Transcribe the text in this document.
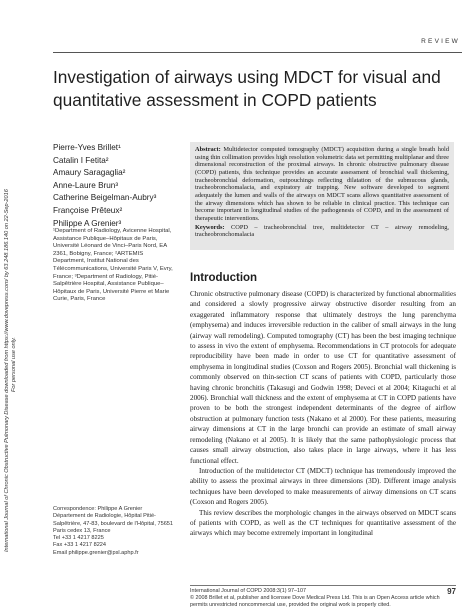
REVIEW
International Journal of Chronic Obstructive Pulmonary Disease downloaded from https://www.dovepress.com/ by 63.248.186.140 on 22-Sep-2016 For personal use only.
Investigation of airways using MDCT for visual and quantitative assessment in COPD patients
Pierre-Yves Brillet¹
Catalin I Fetita²
Amaury Saragaglia²
Anne-Laure Brun³
Catherine Beigelman-Aubry³
Françoise Prêteux²
Philippe A Grenier³
¹Department of Radiology, Avicenne Hospital, Assistance Publique–Hôpitaux de Paris, Université Léonard de Vinci–Paris Nord, EA 2361, Bobigny, France; ²ARTEMIS Department, Institut National des Télécommunications, Université Paris V, Evry, France; ³Department of Radiology, Pitié-Salpêtrière Hospital, Assistance Publique–Hôpitaux de Paris, Université Pierre et Marie Curie, Paris, France
Correspondence: Philippe A Grenier
Département de Radiologie, Hôpital Pitié-Salpêtrière, 47-83, boulevard de l’Hôpital, 75651 Paris cedex 13, France
Tel +33 1 4217 8225
Fax +33 1 4217 8224
Email philippe.grenier@psl.aphp.fr

Abstract: Multidetector computed tomography (MDCT) acquisition during a single breath hold using thin collimation provides high resolution volumetric data set permitting multiplanar and three dimensional reconstruction of the proximal airways. In chronic obstructive pulmonary disease (COPD) patients, this technique provides an accurate assessment of bronchial wall thickening, tracheobronchial deformation, outpouchings reflecting dilatation of the submucous glands, tracheobronchomalacia, and expiratory air trapping. New software developed to segment adequately the lumen and walls of the airways on MDCT scans allows quantitative assessment of the airway dimensions which has shown to be reliable in clinical practice. This technique can become important in longitudinal studies of the pathogenesis of COPD, and in the assessment of therapeutic interventions.

Keywords: COPD – tracheobronchial tree, multidetector CT – airway remodeling, tracheobronchomalacia

Introduction

Chronic obstructive pulmonary disease (COPD) is characterized by functional abnormalities and considered a slowly progressive airway obstructive disorder resulting from an exaggerated inflammatory response that ultimately destroys the lung parenchyma (emphysema) and induces irreversible reduction in the caliber of small airways in the lung (airway wall remodeling). Computed tomography (CT) has been the best imaging technique to assess in vivo the extent of emphysema. Recommendations in CT protocols for adequate reproducibility have been made in order to use CT for quantitative assessment of emphysema in longitudinal studies (Coxson and Rogers 2005). Bronchial wall thickening is commonly observed on thin-section CT scans of patients with COPD, particularly those having chronic bronchitis (Takasugi and Godwin 1998; Deveci et al 2004; Kitaguchi et al 2006). Bronchial wall thickness and the extent of emphysema at CT in COPD patients have proven to be both the strongest independent determinants of the degree of airflow obstruction at pulmonary function tests (Nakano et al 2000). For these patients, measuring airway dimensions at CT in the large bronchi can provide an estimate of small airway remodeling (Nakano et al 2005). It is likely that the same pathophysiologic process that causes small airway obstruction, also takes place in large airways, where it has less functional effect.

Introduction of the multidetector CT (MDCT) technique has tremendously improved the ability to assess the proximal airways in three dimensions (3D). Different image analysis techniques have been developed to make measurements of airway dimensions on CT scans (Coxson and Rogers 2005).

This review describes the morphologic changes in the airways observed on MDCT scans of patients with COPD, as well as the CT techniques for quantitative assessment of the airways which may become extremely important in longitudinal

International Journal of COPD 2008:3(1) 97–107	97
© 2008 Brillet et al, publisher and licensee Dove Medical Press Ltd. This is an Open Access article which permits unrestricted noncommercial use, provided the original work is properly cited.
